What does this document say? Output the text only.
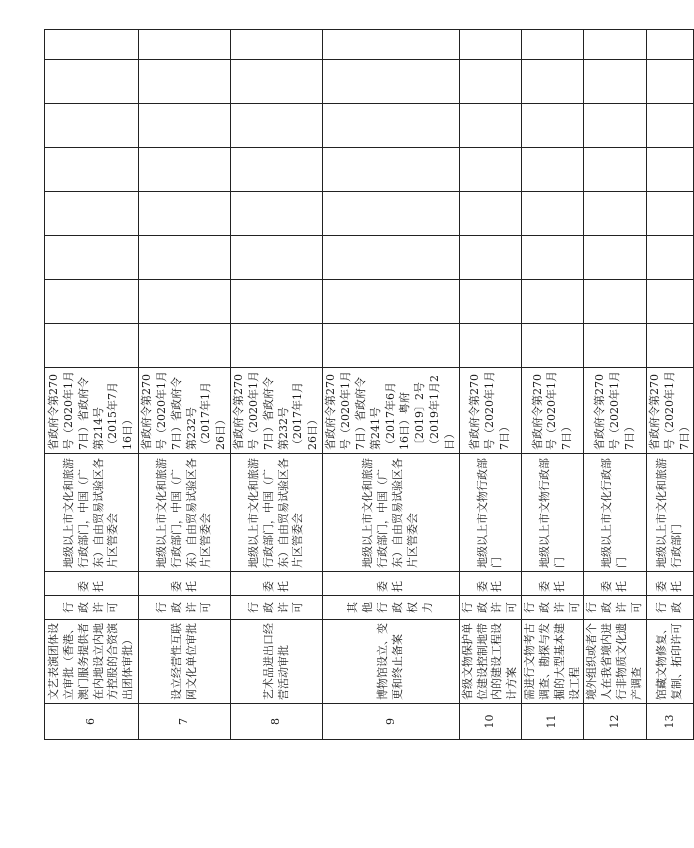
6	文艺表演团体设立审批（香港、澳门服务提供者在内地设立内地方控股的合资演出团体审批）	行政许可	委托	地级以上市文化和旅游行政部门，中国（广东）自由贸易试验区各片区管委会	省政府令第270号（2020年1月7日）省政府令第214号（2015年7月16日）								
7	设立经营性互联网文化单位审批	行政许可	委托	地级以上市文化和旅游行政部门，中国（广东）自由贸易试验区各片区管委会	省政府令第270号（2020年1月7日）省政府令第232号（2017年1月26日）								
8	艺术品进出口经营活动审批	行政许可	委托	地级以上市文化和旅游行政部门，中国（广东）自由贸易试验区各片区管委会	省政府令第270号（2020年1月7日）省政府令第232号（2017年1月26日）								
9	博物馆设立、变更和终止备案	其他行政权力	委托	地级以上市文化和旅游行政部门，中国（广东）自由贸易试验区各片区管委会	省政府令第270号（2020年1月7日）省政府令第241号（2017年6月16日）粤府〔2019〕2号（2019年1月2日）								
10	省级文物保护单位建设控制地带内的建设工程设计方案	行政许可	委托	地级以上市文物行政部门	省政府令第270号（2020年1月7日）								
11	需进行文物考古调查、勘探与发掘的大型基本建设工程	行政许可	委托	地级以上市文物行政部门	省政府令第270号（2020年1月7日）								
12	境外组织或者个人在我省境内进行非物质文化遗产调查	行政许可	委托	地级以上市文化行政部门	省政府令第270号（2020年1月7日）								
13	馆藏文物修复、复制、拓印许可	行政	委托	地级以上市文化和旅游行政部门	省政府令第270号（2020年1月7日）								
